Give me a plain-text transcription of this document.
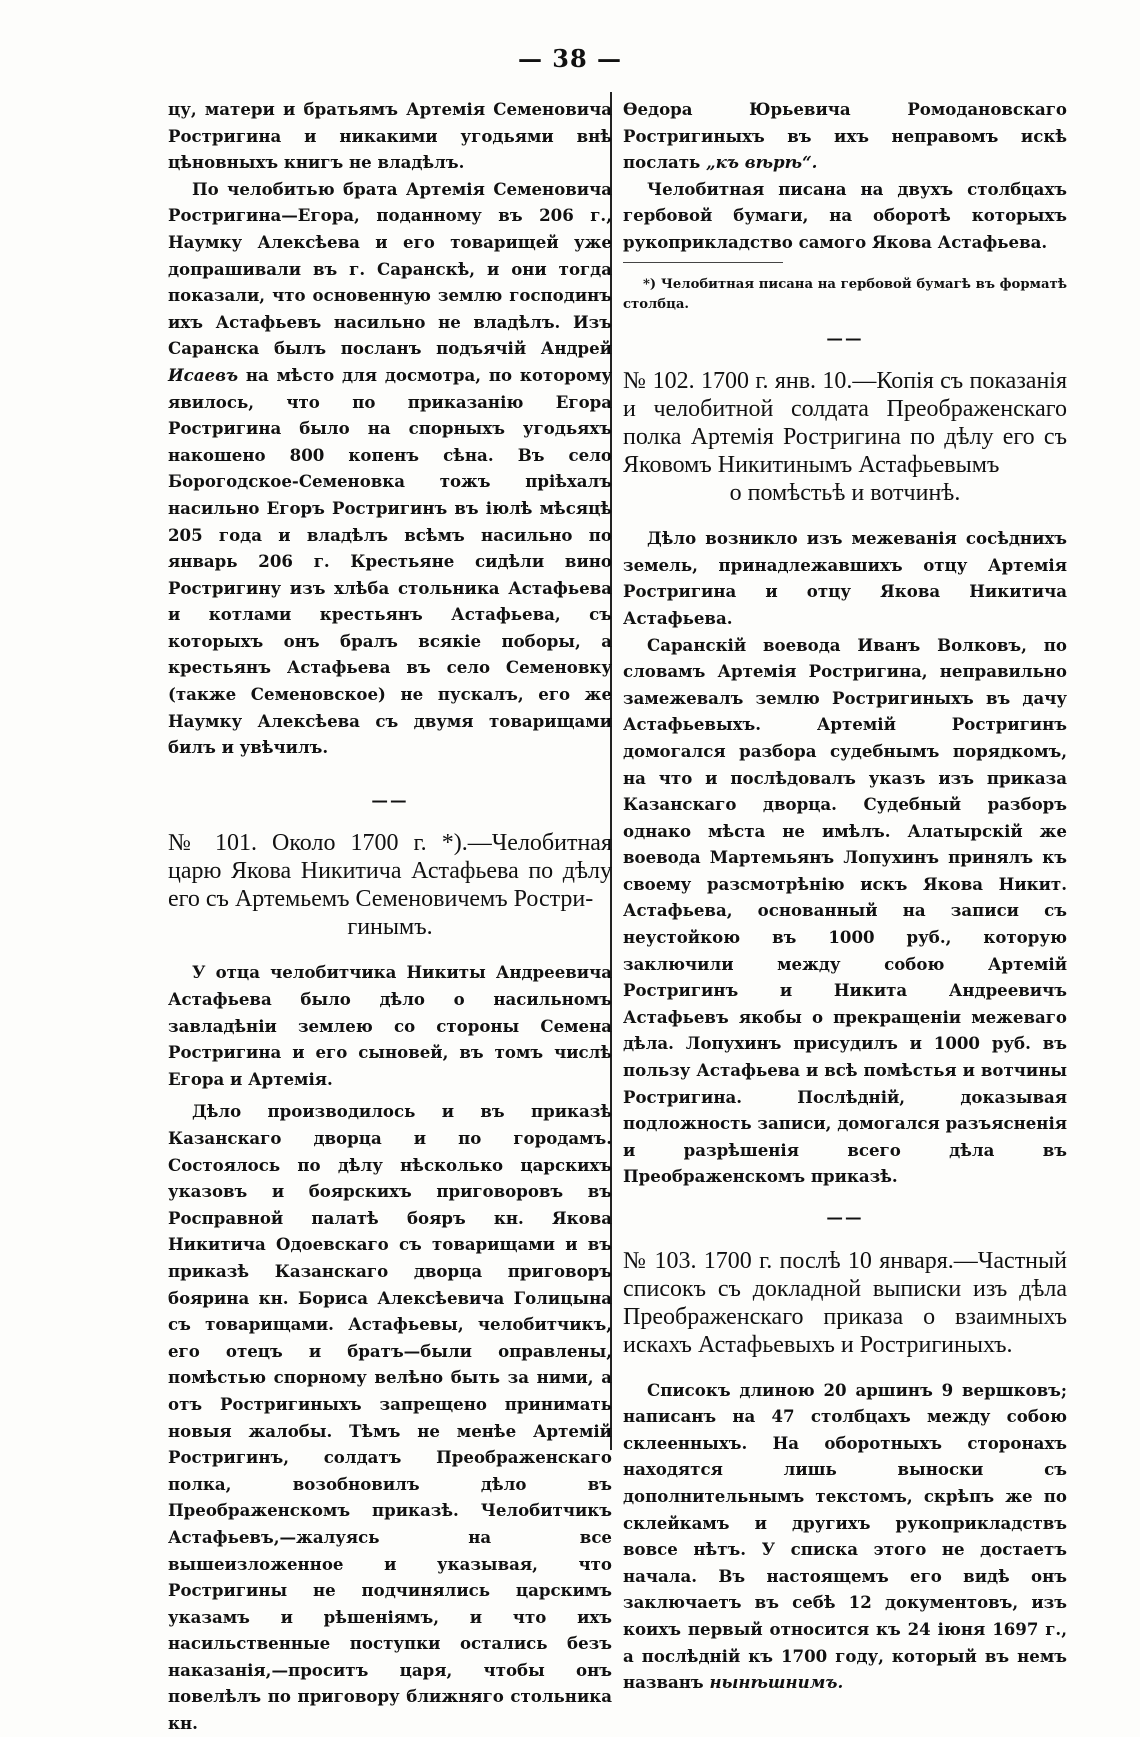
— 38 —

цу, матери и братьямъ Артемія Семеновича Ростригина и никакими угодьями внѣ цѣновныхъ книгъ не владѣлъ.

По челобитью брата Артемія Семеновича Ростригина—Егора, поданному въ 206 г., Наумку Алексѣева и его товарищей уже допрашивали въ г. Саранскѣ, и они тогда показали, что основенную землю господинъ ихъ Астафьевъ насильно не владѣлъ. Изъ Саранска былъ посланъ подъячій Андрей Исаевъ на мѣсто для досмотра, по которому явилось, что по приказанію Егора Ростригина было на спорныхъ угодьяхъ накошено 800 копенъ сѣна. Въ село Борогодское-Семеновка тожъ пріѣхалъ насильно Егоръ Ростригинъ въ іюлѣ мѣсяцѣ 205 года и владѣлъ всѣмъ насильно по январь 206 г. Крестьяне сидѣли вино Ростригину изъ хлѣба стольника Астафьева и котлами крестьянъ Астафьева, съ которыхъ онъ бралъ всякіе поборы, а крестьянъ Астафьева въ село Семеновку (также Семеновское) не пускалъ, его же Наумку Алексѣева съ двумя товарищами билъ и увѣчилъ.

——
№ 101. Около 1700 г. *).—Челобитная царю Якова Никитича Астафьева по дѣлу его съ Артемьемъ Семеновичемъ Ростри-
гинымъ.

У отца челобитчика Никиты Андреевича Астафьева было дѣло о насильномъ завладѣніи землею со стороны Семена Ростригина и его сыновей, въ томъ числѣ Егора и Артемія.

Дѣло производилось и въ приказѣ Казанскаго дворца и по городамъ. Состоялось по дѣлу нѣсколько царскихъ указовъ и боярскихъ приговоровъ въ Росправной палатѣ бояръ кн. Якова Никитича Одоевскаго съ товарищами и въ приказѣ Казанскаго дворца приговоръ боярина кн. Бориса Алексѣевича Голицына съ товарищами. Астафьевы, челобитчикъ, его отецъ и братъ—были оправлены, помѣстью спорному велѣно быть за ними, а отъ Ростригиныхъ запрещено принимать новыя жалобы. Тѣмъ не менѣе Артемій Ростригинъ, солдатъ Преображенскаго полка, возобновилъ дѣло въ Преображенскомъ приказѣ. Челобитчикъ Астафьевъ,—жалуясь на все вышеизложенное и указывая, что Ростригины не подчинялись царскимъ указамъ и рѣшеніямъ, и что ихъ насильственные поступки остались безъ наказанія,—проситъ царя, чтобы онъ повелѣлъ по приговору ближняго стольника кн.

Ѳедора Юрьевича Ромодановскаго Ростригиныхъ въ ихъ неправомъ искѣ послать „къ вѣрѣ“.

Челобитная писана на двухъ столбцахъ гербовой бумаги, на оборотѣ которыхъ рукоприкладство самого Якова Астафьева.

*) Челобитная писана на гербовой бумагѣ въ форматѣ столбца.

——
№ 102. 1700 г. янв. 10.—Копія съ показанія и челобитной солдата Преображенскаго полка Артемія Ростригина по дѣлу его съ Яковомъ Никитинымъ Астафьевымъ
о помѣстьѣ и вотчинѣ.

Дѣло возникло изъ межеванія сосѣднихъ земель, принадлежавшихъ отцу Артемія Ростригина и отцу Якова Никитича Астафьева.

Саранскій воевода Иванъ Волковъ, по словамъ Артемія Ростригина, неправильно замежевалъ землю Ростригиныхъ въ дачу Астафьевыхъ. Артемій Ростригинъ домогался разбора судебнымъ порядкомъ, на что и послѣдовалъ указъ изъ приказа Казанскаго дворца. Судебный разборъ однако мѣста не имѣлъ. Алатырскій же воевода Мартемьянъ Лопухинъ принялъ къ своему разсмотрѣнію искъ Якова Никит. Астафьева, основанный на записи съ неустойкою въ 1000 руб., которую заключили между собою Артемій Ростригинъ и Никита Андреевичъ Астафьевъ якобы о прекращеніи межеваго дѣла. Лопухинъ присудилъ и 1000 руб. въ пользу Астафьева и всѣ помѣстья и вотчины Ростригина. Послѣдній, доказывая подложность записи, домогался разъясненія и разрѣшенія всего дѣла въ Преображенскомъ приказѣ.

——
№ 103. 1700 г. послѣ 10 января.—Частный списокъ съ докладной выписки изъ дѣла Преображенскаго приказа о взаимныхъ искахъ Астафьевыхъ и Ростригиныхъ.

Списокъ длиною 20 аршинъ 9 вершковъ; написанъ на 47 столбцахъ между собою склеенныхъ. На оборотныхъ сторонахъ находятся лишь выноски съ дополнительнымъ текстомъ, скрѣпъ же по склейкамъ и другихъ рукоприкладствъ вовсе нѣтъ. У списка этого не достаетъ начала. Въ настоящемъ его видѣ онъ заключаетъ въ себѣ 12 документовъ, изъ коихъ первый относится къ 24 іюня 1697 г., а послѣдній къ 1700 году, который въ немъ названъ нынѣшнимъ.
